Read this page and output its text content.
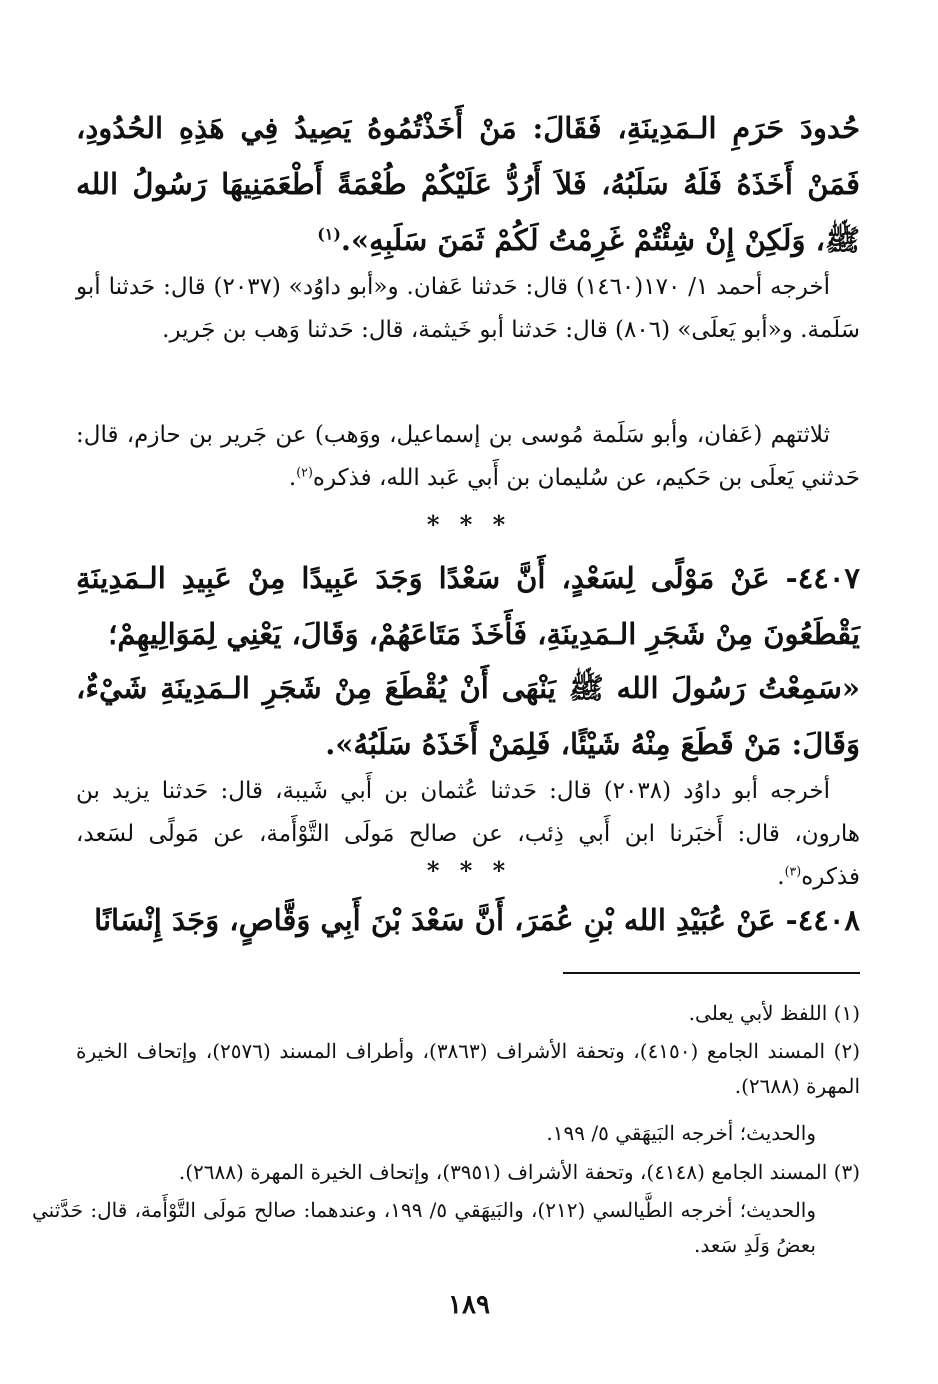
حُدودَ حَرَمِ الـمَدِينَةِ، فَقَالَ: مَنْ أَخَذْتُمُوهُ يَصِيدُ فِي هَذِهِ الحُدُودِ، فَمَنْ أَخَذَهُ فَلَهُ سَلَبُهُ، فَلاَ أَرُدُّ عَلَيْكُمْ طُعْمَةً أَطْعَمَنِيهَا رَسُولُ الله ﷺ، وَلَكِنْ إِنْ شِئْتُمْ غَرِمْتُ لَكُمْ ثَمَنَ سَلَبِهِ».$^{(١)}$
أخرجه أحمد ١/ ١٧٠(١٤٦٠) قال: حَدثنا عَفان. و«أبو داوُد» (٢٠٣٧) قال: حَدثنا أبو سَلَمة. و«أبو يَعلَى» (٨٠٦) قال: حَدثنا أبو خَيثمة، قال: حَدثنا وَهب بن جَرير.
ثلاثتهم (عَفان، وأبو سَلَمة مُوسى بن إسماعيل، ووَهب) عن جَرير بن حازم، قال: حَدثني يَعلَى بن حَكيم، عن سُليمان بن أَبي عَبد الله، فذكره$^{(٢)}$.
* * *
٤٤٠٧- عَنْ مَوْلًى لِسَعْدٍ، أَنَّ سَعْدًا وَجَدَ عَبِيدًا مِنْ عَبِيدِ الـمَدِينَةِ يَقْطَعُونَ مِنْ شَجَرِ الـمَدِينَةِ، فَأَخَذَ مَتَاعَهُمْ، وَقَالَ، يَعْنِي لِمَوَالِيهِمْ؛
«سَمِعْتُ رَسُولَ الله ﷺ يَنْهَى أَنْ يُقْطَعَ مِنْ شَجَرِ الـمَدِينَةِ شَيْءٌ، وَقَالَ: مَنْ قَطَعَ مِنْهُ شَيْئًا، فَلِمَنْ أَخَذَهُ سَلَبُهُ».
أخرجه أبو داوُد (٢٠٣٨) قال: حَدثنا عُثمان بن أَبي شَيبة، قال: حَدثنا يزيد بن هارون، قال: أَخبَرنا ابن أَبي ذِئب، عن صالح مَولَى التَّوْأَمة، عن مَولًى لسَعد، فذكره$^{(٣)}$.
* * *
٤٤٠٨- عَنْ عُبَيْدِ الله بْنِ عُمَرَ، أَنَّ سَعْدَ بْنَ أَبِي وَقَّاصٍ، وَجَدَ إِنْسَانًا
(١) اللفظ لأبي يعلى.
(٢) المسند الجامع (٤١٥٠)، وتحفة الأشراف (٣٨٦٣)، وأطراف المسند (٢٥٧٦)، وإتحاف الخيرة المهرة (٢٦٨٨).
والحديث؛ أخرجه البَيهَقي ٥/ ١٩٩.
(٣) المسند الجامع (٤١٤٨)، وتحفة الأشراف (٣٩٥١)، وإتحاف الخيرة المهرة (٢٦٨٨).
والحديث؛ أخرجه الطَّيالسي (٢١٢)، والبَيهَقي ٥/ ١٩٩، وعندهما: صالح مَولَى التَّوْأَمة، قال: حَدَّثني بعضُ وَلَدِ سَعد.
١٨٩
